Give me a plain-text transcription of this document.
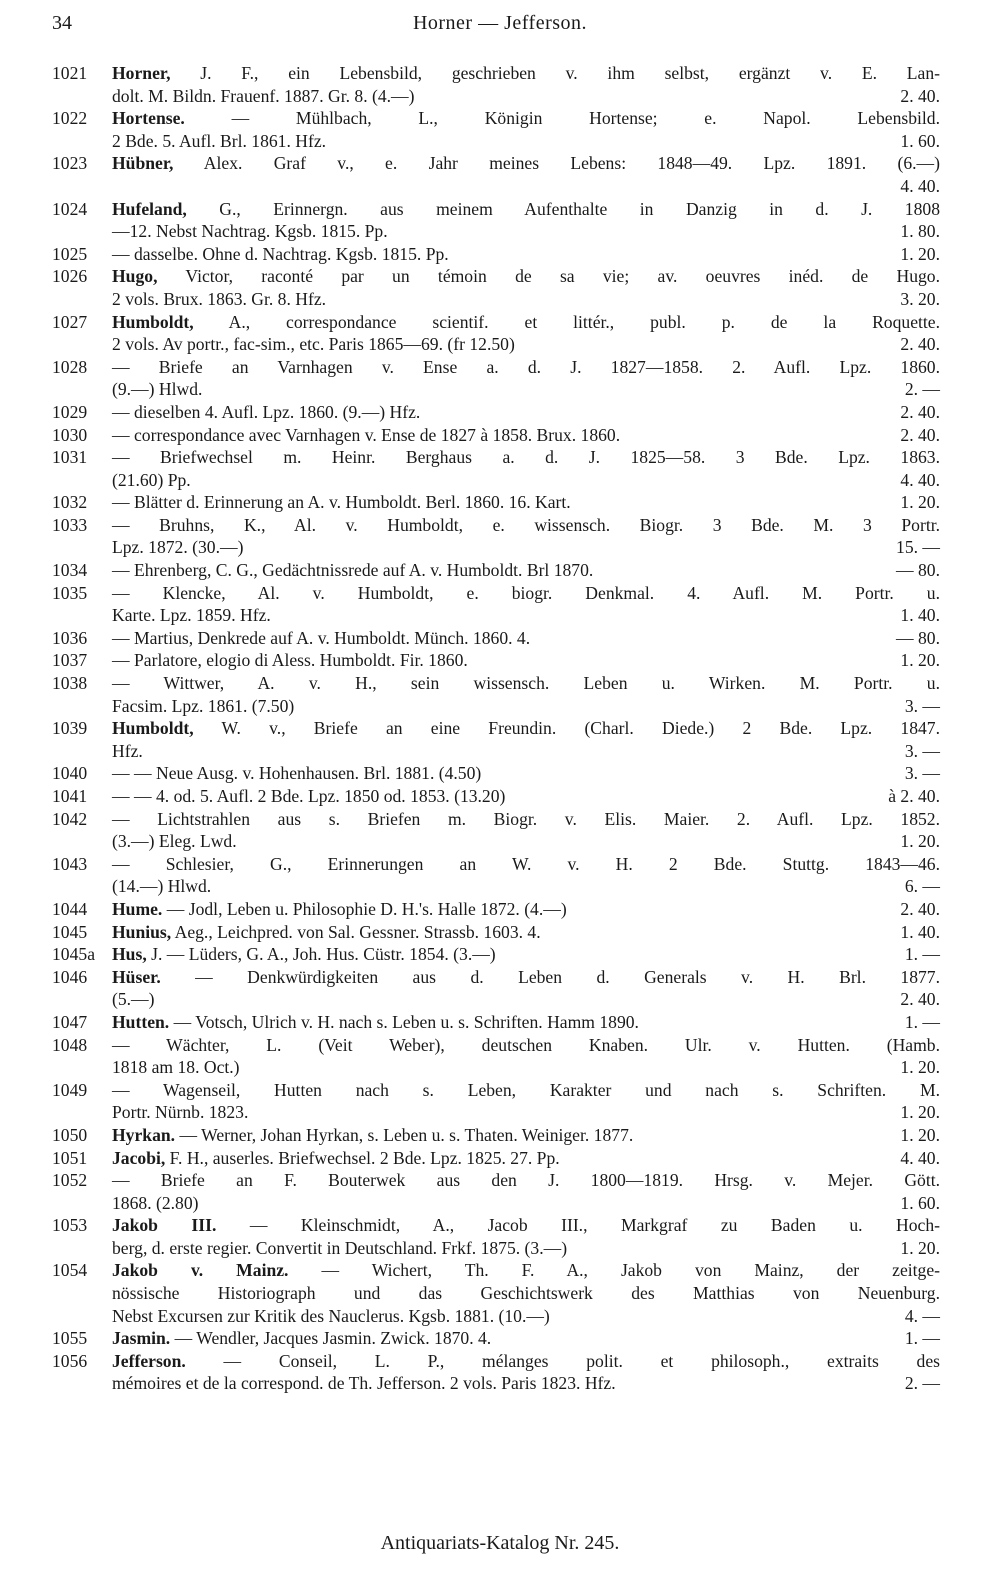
34	Horner — Jefferson.
1021	Horner, J. F., ein Lebensbild, geschrieben v. ihm selbst, ergänzt v. E. Lan-
dolt. M. Bildn. Frauenf. 1887. Gr. 8. (4.—)	2. 40.
1022	Hortense. — Mühlbach, L., Königin Hortense; e. Napol. Lebensbild.
2 Bde. 5. Aufl. Brl. 1861. Hfz.	1. 60.
1023	Hübner, Alex. Graf v., e. Jahr meines Lebens: 1848—49. Lpz. 1891. (6.—)
4. 40.
1024	Hufeland, G., Erinnergn. aus meinem Aufenthalte in Danzig in d. J. 1808
—12. Nebst Nachtrag. Kgsb. 1815. Pp.	1. 80.
1025	— dasselbe. Ohne d. Nachtrag. Kgsb. 1815. Pp.	1. 20.
1026	Hugo, Victor, raconté par un témoin de sa vie; av. oeuvres inéd. de Hugo.
2 vols. Brux. 1863. Gr. 8. Hfz.	3. 20.
1027	Humboldt, A., correspondance scientif. et littér., publ. p. de la Roquette.
2 vols. Av portr., fac-sim., etc. Paris 1865—69. (fr 12.50)	2. 40.
1028	— Briefe an Varnhagen v. Ense a. d. J. 1827—1858. 2. Aufl. Lpz. 1860.
(9.—) Hlwd.	2. —
1029	— dieselben 4. Aufl. Lpz. 1860. (9.—) Hfz.	2. 40.
1030	— correspondance avec Varnhagen v. Ense de 1827 à 1858. Brux. 1860.	2. 40.
1031	— Briefwechsel m. Heinr. Berghaus a. d. J. 1825—58. 3 Bde. Lpz. 1863.
(21.60) Pp.	4. 40.
1032	— Blätter d. Erinnerung an A. v. Humboldt. Berl. 1860. 16. Kart.	1. 20.
1033	— Bruhns, K., Al. v. Humboldt, e. wissensch. Biogr. 3 Bde. M. 3 Portr.
Lpz. 1872. (30.—)	15. —
1034	— Ehrenberg, C. G., Gedächtnissrede auf A. v. Humboldt. Brl 1870.	— 80.
1035	— Klencke, Al. v. Humboldt, e. biogr. Denkmal. 4. Aufl. M. Portr. u.
Karte. Lpz. 1859. Hfz.	1. 40.
1036	— Martius, Denkrede auf A. v. Humboldt. Münch. 1860. 4.	— 80.
1037	— Parlatore, elogio di Aless. Humboldt. Fir. 1860.	1. 20.
1038	— Wittwer, A. v. H., sein wissensch. Leben u. Wirken. M. Portr. u.
Facsim. Lpz. 1861. (7.50)	3. —
1039	Humboldt, W. v., Briefe an eine Freundin. (Charl. Diede.) 2 Bde. Lpz. 1847.
Hfz.	3. —
1040	— — Neue Ausg. v. Hohenhausen. Brl. 1881. (4.50)	3. —
1041	— — 4. od. 5. Aufl. 2 Bde. Lpz. 1850 od. 1853. (13.20)	à 2. 40.
1042	— Lichtstrahlen aus s. Briefen m. Biogr. v. Elis. Maier. 2. Aufl. Lpz. 1852.
(3.—) Eleg. Lwd.	1. 20.
1043	— Schlesier, G., Erinnerungen an W. v. H. 2 Bde. Stuttg. 1843—46.
(14.—) Hlwd.	6. —
1044	Hume. — Jodl, Leben u. Philosophie D. H.'s. Halle 1872. (4.—)	2. 40.
1045	Hunius, Aeg., Leichpred. von Sal. Gessner. Strassb. 1603. 4.	1. 40.
1045a Hus, J. — Lüders, G. A., Joh. Hus. Cüstr. 1854. (3.—)	1. —
1046	Hüser. — Denkwürdigkeiten aus d. Leben d. Generals v. H. Brl. 1877.
(5.—)	2. 40.
1047	Hutten. — Votsch, Ulrich v. H. nach s. Leben u. s. Schriften. Hamm 1890.	1. —
1048	— Wächter, L. (Veit Weber), deutschen Knaben. Ulr. v. Hutten. (Hamb.
1818 am 18. Oct.)	1. 20.
1049	— Wagenseil, Hutten nach s. Leben, Karakter und nach s. Schriften. M.
Portr. Nürnb. 1823.	1. 20.
1050	Hyrkan. — Werner, Johan Hyrkan, s. Leben u. s. Thaten. Weiniger. 1877.	1. 20.
1051	Jacobi, F. H., auserles. Briefwechsel. 2 Bde. Lpz. 1825. 27. Pp.	4. 40.
1052	— Briefe an F. Bouterwek aus den J. 1800—1819. Hrsg. v. Mejer. Gött.
1868. (2.80)	1. 60.
1053	Jakob III. — Kleinschmidt, A., Jacob III., Markgraf zu Baden u. Hoch-
berg, d. erste regier. Convertit in Deutschland. Frkf. 1875. (3.—)	1. 20.
1054	Jakob v. Mainz. — Wichert, Th. F. A., Jakob von Mainz, der zeitge-
nössische Historiograph und das Geschichtswerk des Matthias von Neuenburg.
Nebst Excursen zur Kritik des Nauclerus. Kgsb. 1881. (10.—)	4. —
1055	Jasmin. — Wendler, Jacques Jasmin. Zwick. 1870. 4.	1. —
1056	Jefferson. — Conseil, L. P., mélanges polit. et philosoph., extraits des
mémoires et de la correspond. de Th. Jefferson. 2 vols. Paris 1823. Hfz.	2. —
Antiquariats-Katalog Nr. 245.
